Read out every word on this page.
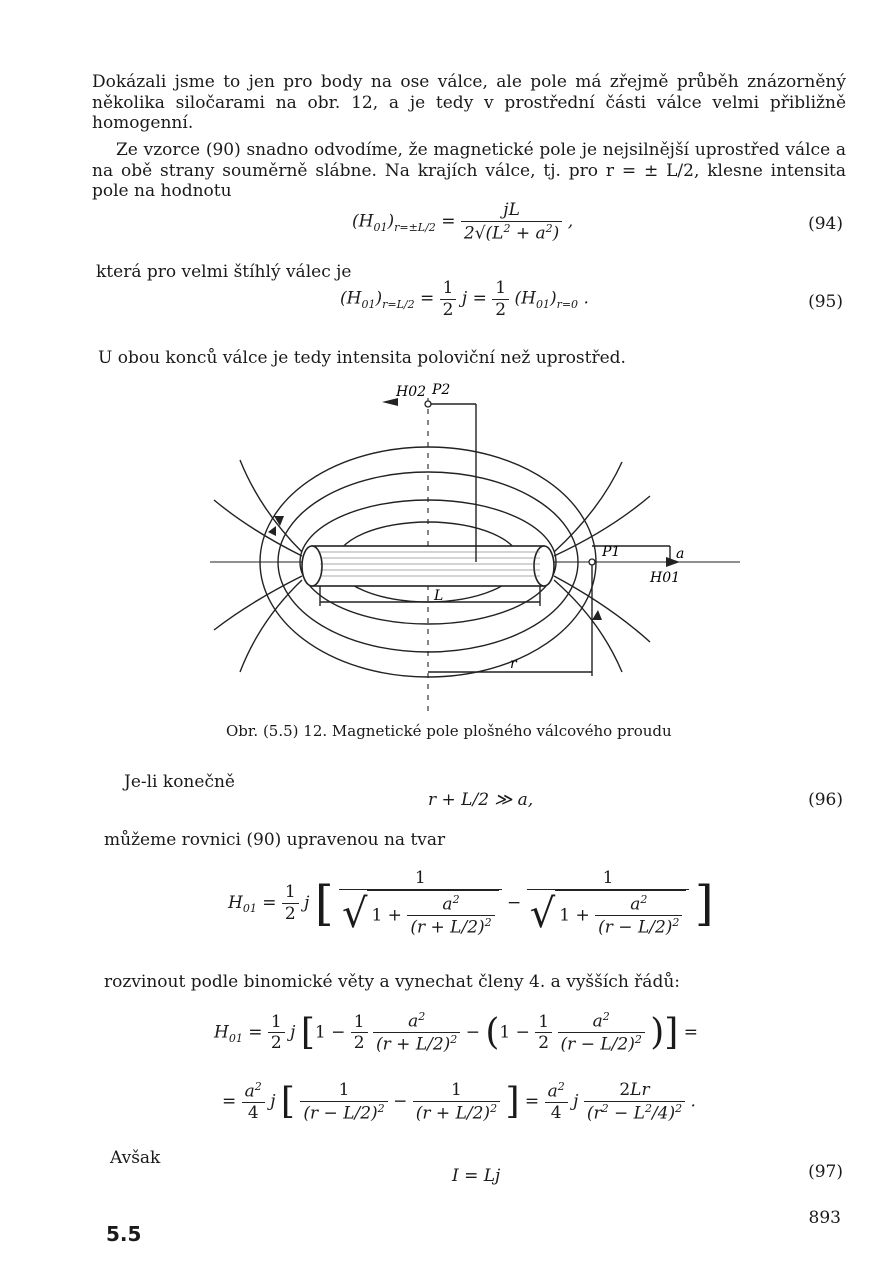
Dokázali jsme to jen pro body na ose válce, ale pole má zřejmě průběh znázorněný několika siločarami na obr. 12, a je tedy v prostřední části válce velmi přibližně homogenní.
Ze vzorce (90) snadno odvodíme, že magnetické pole je nejsilnější uprostřed válce a na obě strany souměrně slábne. Na krajích válce, tj. pro r = ± L/2, klesne intensita pole na hodnotu
$(H_{01})_{r=\pm L/2} = \frac{jL}{2√(L^2 + a^2)}$ ,	(94)
která pro velmi štíhlý válec je
$(H_{01})_{r=L/2} = \frac{1}{2}$ $j = \frac{1}{2} (H_{01})_{r=0}$ .	(95)
U obou konců válce je tedy intensita poloviční než uprostřed.
H02 P2
P1
H01
a
L
r
Obr. (5.5) 12. Magnetické pole plošného válcového proudu
Je-li konečně
r + L/2 ≫ a,	(96)
můžeme rovnici (90) upravenou na tvar
$H_{01} = \frac{1}{2}$ j [ $\frac{1}{√ 1 + \frac{a^2}{(r + L/2)^2}} - \frac{1}{√ 1 + \frac{a^2}{(r - L/2)^2}}$ ]
rozvinout podle binomické věty a vynechat členy 4. a vyšších řádů:
$H_{01} = \frac{1}{2}$ j [$1 - \frac{1}{2}$
$\frac{a^2}{(r + L/2)^2} - (1 - \frac{1}{2}$
$\frac{a^2}{(r - L/2)^2}$ )] =
= $\frac{a^2}{4}$ j [ $\frac{1}{(r - L/2)^2} - \frac{1}{(r + L/2)^2}$ ] = $\frac{a^2}{4}$ j $\frac{2Lr}{(r^2 - L^2/4)^2}$ .
Avšak
I = Lj	(97)
5.5
893
